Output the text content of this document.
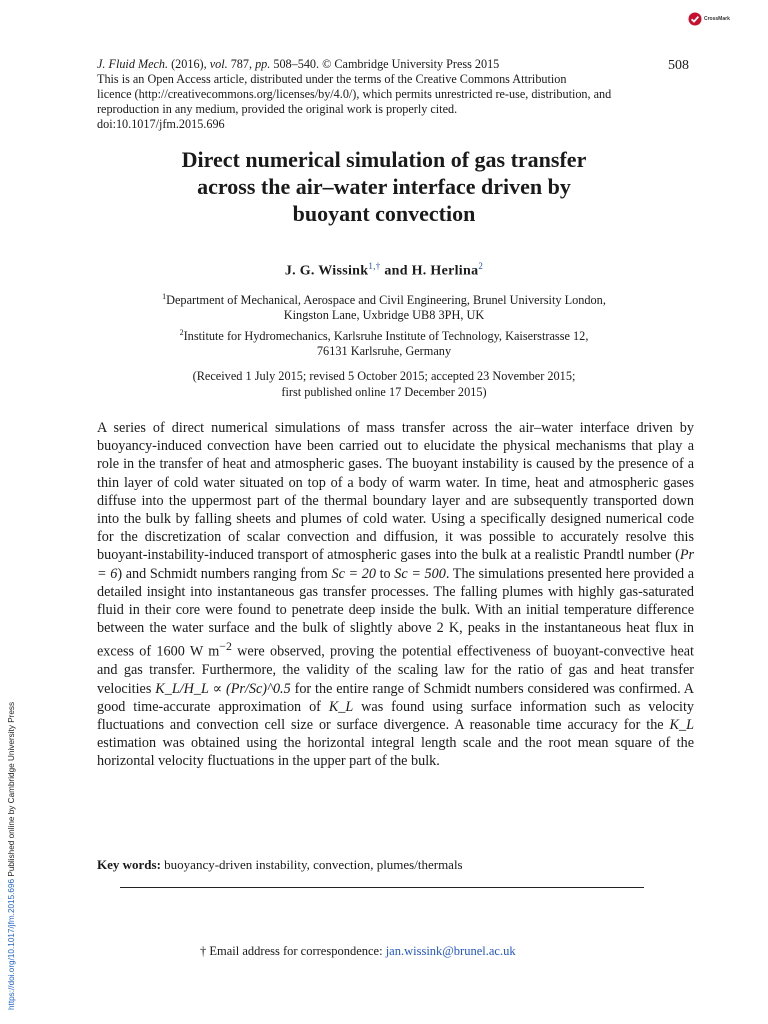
CrossMark
J. Fluid Mech. (2016), vol. 787, pp. 508–540. © Cambridge University Press 2015
This is an Open Access article, distributed under the terms of the Creative Commons Attribution
licence (http://creativecommons.org/licenses/by/4.0/), which permits unrestricted re-use, distribution, and
reproduction in any medium, provided the original work is properly cited.
doi:10.1017/jfm.2015.696
508
Direct numerical simulation of gas transfer
across the air–water interface driven by
buoyant convection
J. G. Wissink$^{1,\dagger}$ and H. Herlina$^2$
$^1$Department of Mechanical, Aerospace and Civil Engineering, Brunel University London,
Kingston Lane, Uxbridge UB8 3PH, UK
$^2$Institute for Hydromechanics, Karlsruhe Institute of Technology, Kaiserstrasse 12,
76131 Karlsruhe, Germany
(Received 1 July 2015; revised 5 October 2015; accepted 23 November 2015;
first published online 17 December 2015)
A series of direct numerical simulations of mass transfer across the air–water interface driven by buoyancy-induced convection have been carried out to elucidate the physical mechanisms that play a role in the transfer of heat and atmospheric gases. The buoyant instability is caused by the presence of a thin layer of cold water situated on top of a body of warm water. In time, heat and atmospheric gases diffuse into the uppermost part of the thermal boundary layer and are subsequently transported down into the bulk by falling sheets and plumes of cold water. Using a specifically designed numerical code for the discretization of scalar convection and diffusion, it was possible to accurately resolve this buoyant-instability-induced transport of atmospheric gases into the bulk at a realistic Prandtl number (Pr = 6) and Schmidt numbers ranging from Sc = 20 to Sc = 500. The simulations presented here provided a detailed insight into instantaneous gas transfer processes. The falling plumes with highly gas-saturated fluid in their core were found to penetrate deep inside the bulk. With an initial temperature difference between the water surface and the bulk of slightly above 2 K, peaks in the instantaneous heat flux in excess of 1600 W $m^{-2}$ were observed, proving the potential effectiveness of buoyant-convective heat and gas transfer. Furthermore, the validity of the scaling law for the ratio of gas and heat transfer velocities K_L/H_L ∝ (Pr/Sc)^0.5 for the entire range of Schmidt numbers considered was confirmed. A good time-accurate approximation of K_L was found using surface information such as velocity fluctuations and convection cell size or surface divergence. A reasonable time accuracy for the K_L estimation was obtained using the horizontal integral length scale and the root mean square of the horizontal velocity fluctuations in the upper part of the bulk.
Key words: buoyancy-driven instability, convection, plumes/thermals
† Email address for correspondence: jan.wissink@brunel.ac.uk
https://doi.org/10.1017/jfm.2015.696 Published online by Cambridge University Press
